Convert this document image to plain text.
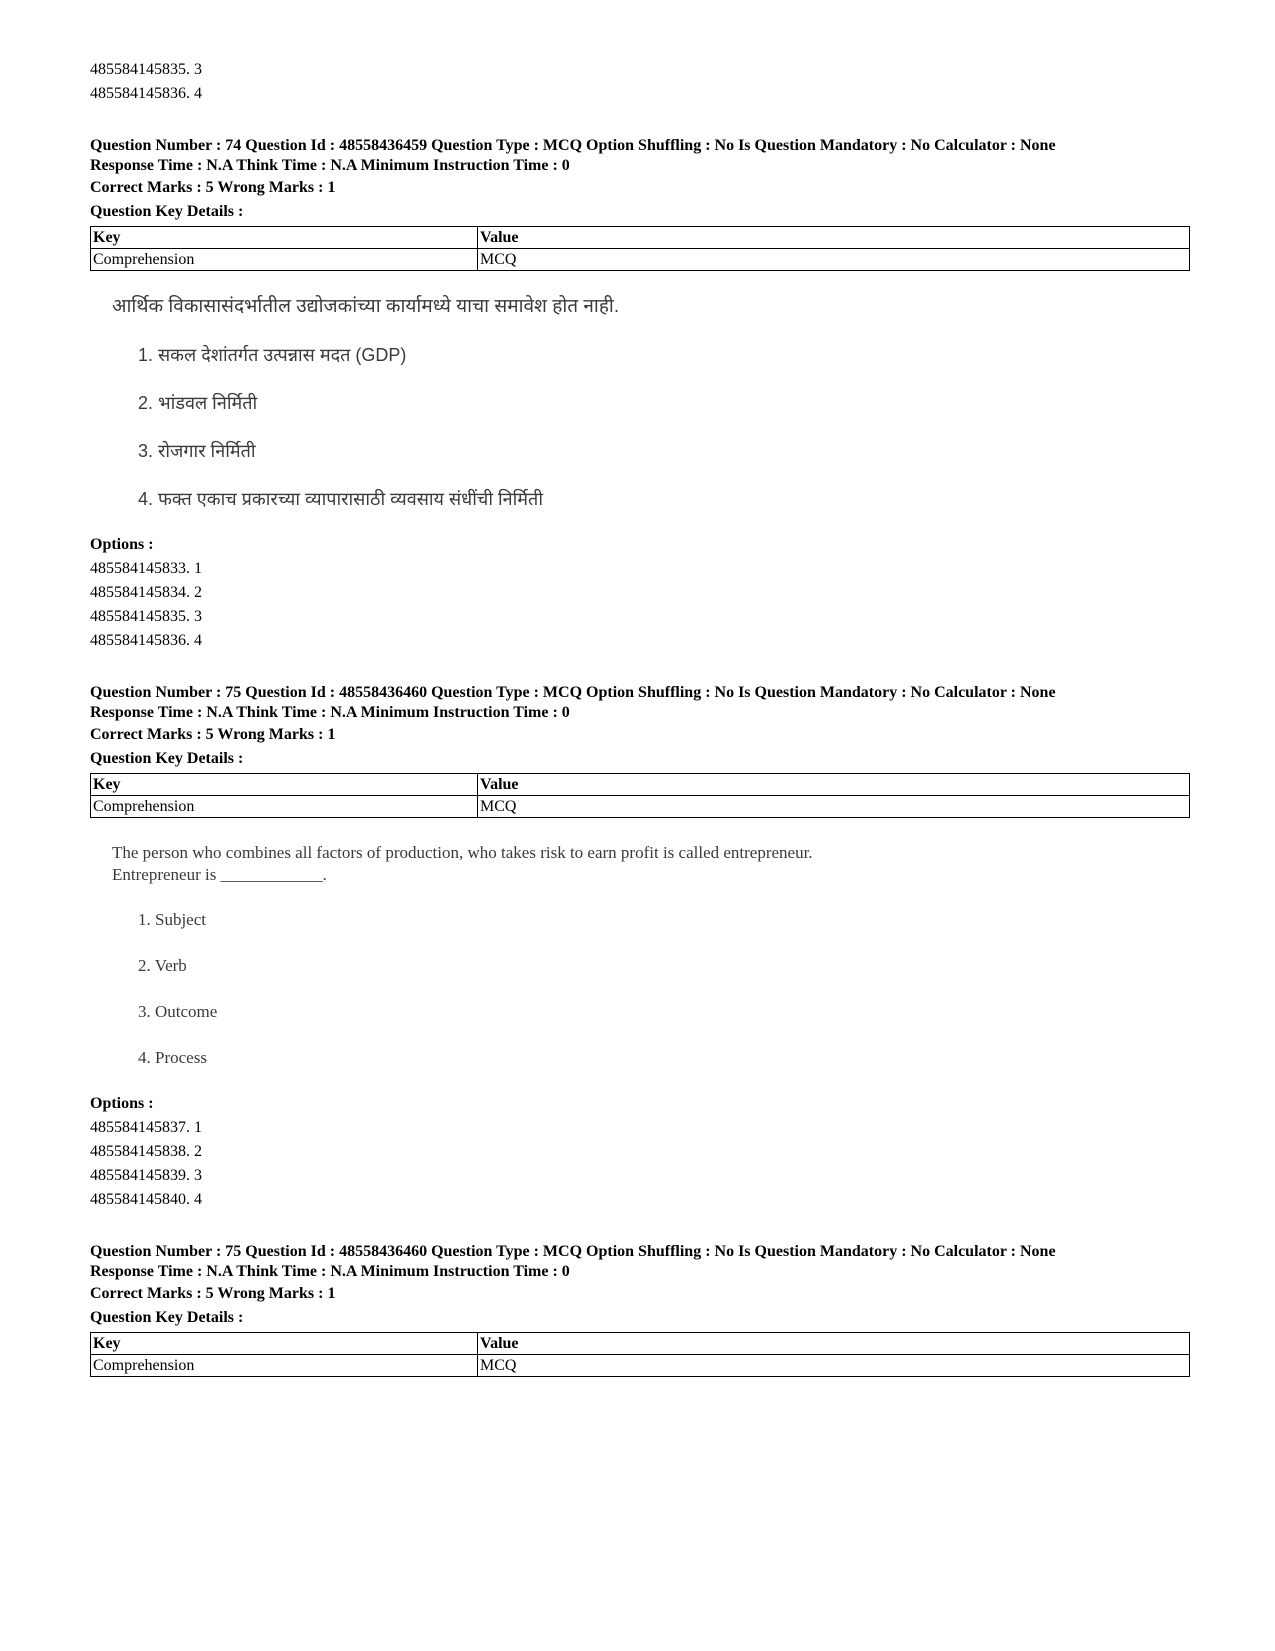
485584145835. 3
485584145836. 4
Question Number : 74 Question Id : 48558436459 Question Type : MCQ Option Shuffling : No Is Question Mandatory : No Calculator : None
Response Time : N.A Think Time : N.A Minimum Instruction Time : 0
Correct Marks : 5 Wrong Marks : 1
Question Key Details :
Key	Value
Comprehension	MCQ
आर्थिक विकासासंदर्भातील उद्योजकांच्या कार्यामध्ये याचा समावेश होत नाही.
1. सकल देशांतर्गत उत्पन्नास मदत (GDP)
2. भांडवल निर्मिती
3. रोजगार निर्मिती
4. फक्त एकाच प्रकारच्या व्यापारासाठी व्यवसाय संधींची निर्मिती
Options :
485584145833. 1
485584145834. 2
485584145835. 3
485584145836. 4
Question Number : 75 Question Id : 48558436460 Question Type : MCQ Option Shuffling : No Is Question Mandatory : No Calculator : None
Response Time : N.A Think Time : N.A Minimum Instruction Time : 0
Correct Marks : 5 Wrong Marks : 1
Question Key Details :
Key	Value
Comprehension	MCQ
The person who combines all factors of production, who takes risk to earn profit is called entrepreneur.
Entrepreneur is ____________.
1. Subject
2. Verb
3. Outcome
4. Process
Options :
485584145837. 1
485584145838. 2
485584145839. 3
485584145840. 4
Question Number : 75 Question Id : 48558436460 Question Type : MCQ Option Shuffling : No Is Question Mandatory : No Calculator : None
Response Time : N.A Think Time : N.A Minimum Instruction Time : 0
Correct Marks : 5 Wrong Marks : 1
Question Key Details :
Key	Value
Comprehension	MCQ
